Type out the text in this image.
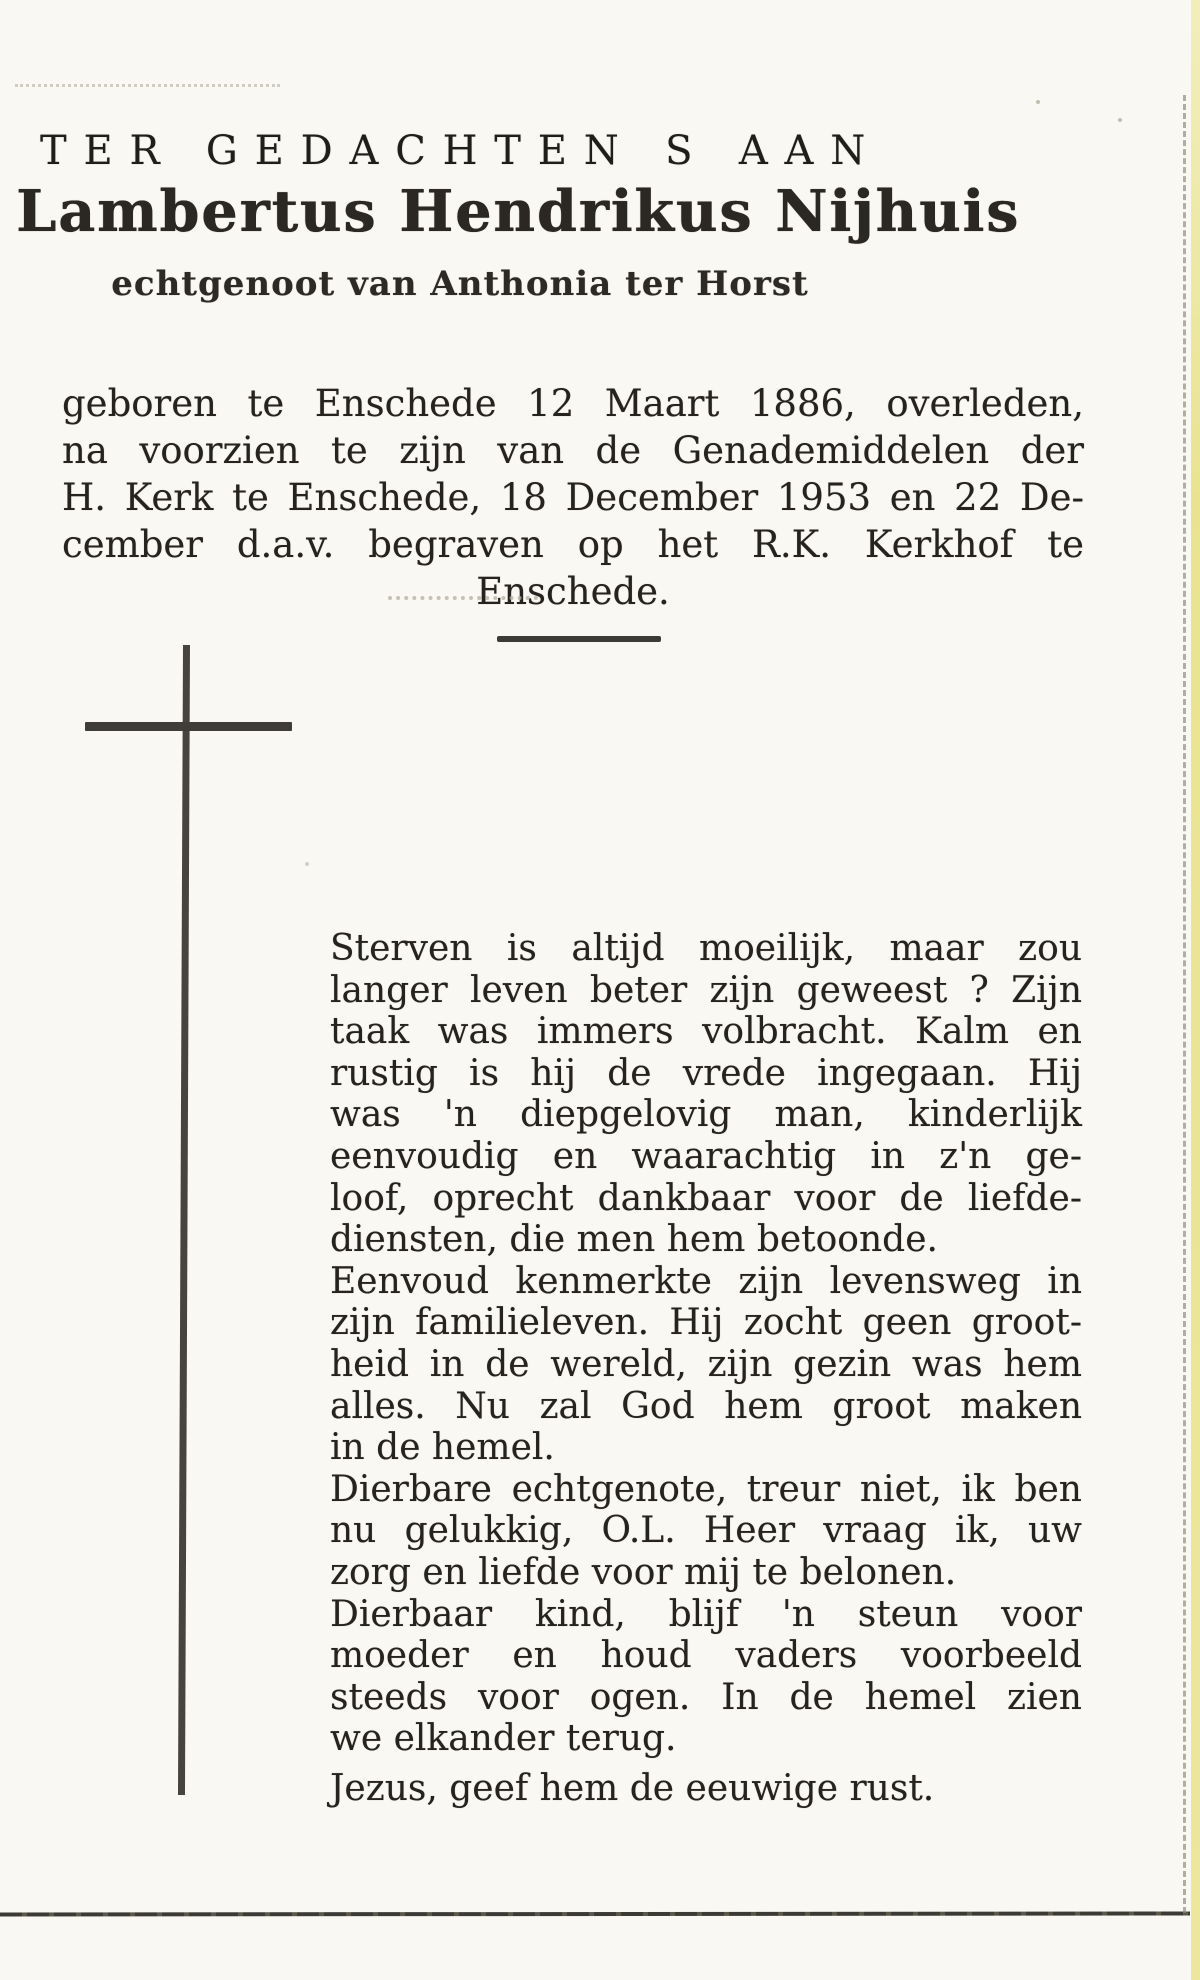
TER GEDACHTEN S AAN
Lambertus Hendrikus Nijhuis
echtgenoot van Anthonia ter Horst
geboren te Enschede 12 Maart 1886, overleden,
na voorzien te zijn van de Genademiddelen der
H. Kerk te Enschede, 18 December 1953 en 22 De-
cember d.a.v. begraven op het R.K. Kerkhof te
Enschede.
Sterven is altijd moeilijk, maar zou
langer leven beter zijn geweest ? Zijn
taak was immers volbracht. Kalm en
rustig is hij de vrede ingegaan. Hij
was 'n diepgelovig man, kinderlijk
eenvoudig en waarachtig in z'n ge-
loof, oprecht dankbaar voor de liefde-
diensten, die men hem betoonde.
Eenvoud kenmerkte zijn levensweg in
zijn familieleven. Hij zocht geen groot-
heid in de wereld, zijn gezin was hem
alles. Nu zal God hem groot maken
in de hemel.
Dierbare echtgenote, treur niet, ik ben
nu gelukkig, O.L. Heer vraag ik, uw
zorg en liefde voor mij te belonen.
Dierbaar kind, blijf 'n steun voor
moeder en houd vaders voorbeeld
steeds voor ogen. In de hemel zien
we elkander terug.
Jezus, geef hem de eeuwige rust.
